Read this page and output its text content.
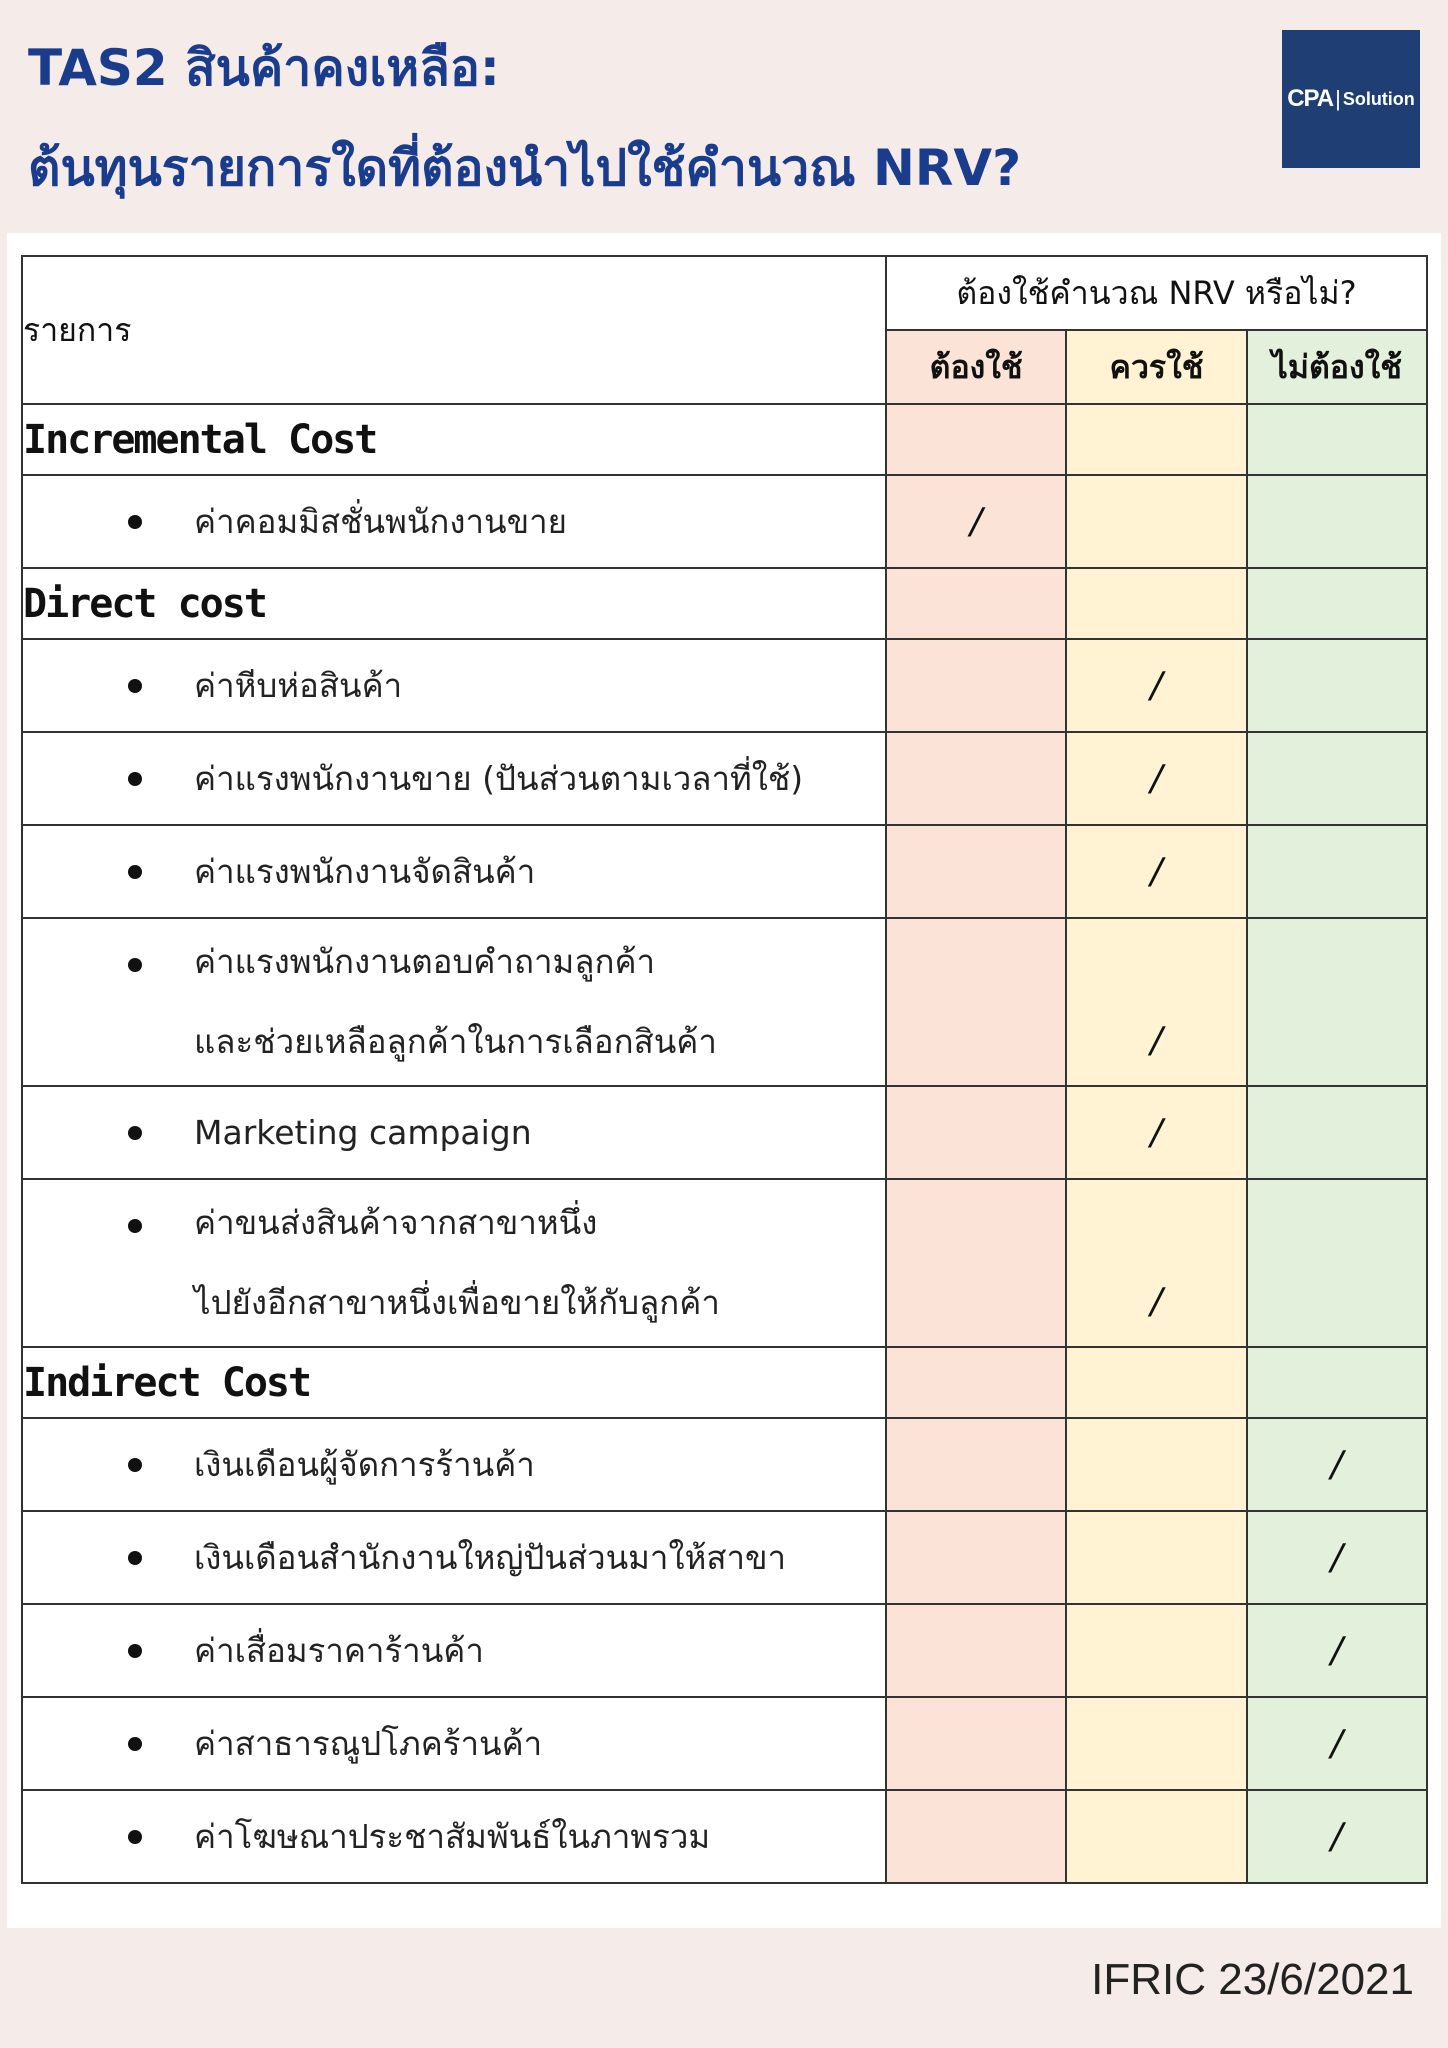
TAS2 สินค้าคงเหลือ:
ต้นทุนรายการใดที่ต้องนำไปใช้คำนวณ NRV?
CPA | Solution
รายการ	ต้องใช้คำนวณ NRV หรือไม่?		
	ต้องใช้	ควรใช้	ไม่ต้องใช้
Incremental Cost			

ค่าคอมมิสชั่นพนักงานขาย	/		
Direct cost			

ค่าหีบห่อสินค้า		/	

ค่าแรงพนักงานขาย (ปันส่วนตามเวลาที่ใช้)		/	

ค่าแรงพนักงานจัดสินค้า		/	

ค่าแรงพนักงานตอบคำถามลูกค้า
และช่วยเหลือลูกค้าในการเลือกสินค้า		/	

Marketing campaign		/	

ค่าขนส่งสินค้าจากสาขาหนึ่ง
ไปยังอีกสาขาหนึ่งเพื่อขายให้กับลูกค้า		/	
Indirect Cost			

เงินเดือนผู้จัดการร้านค้า			/

เงินเดือนสำนักงานใหญ่ปันส่วนมาให้สาขา			/

ค่าเสื่อมราคาร้านค้า			/

ค่าสาธารณูปโภคร้านค้า			/

ค่าโฆษณาประชาสัมพันธ์ในภาพรวม			/
IFRIC 23/6/2021
